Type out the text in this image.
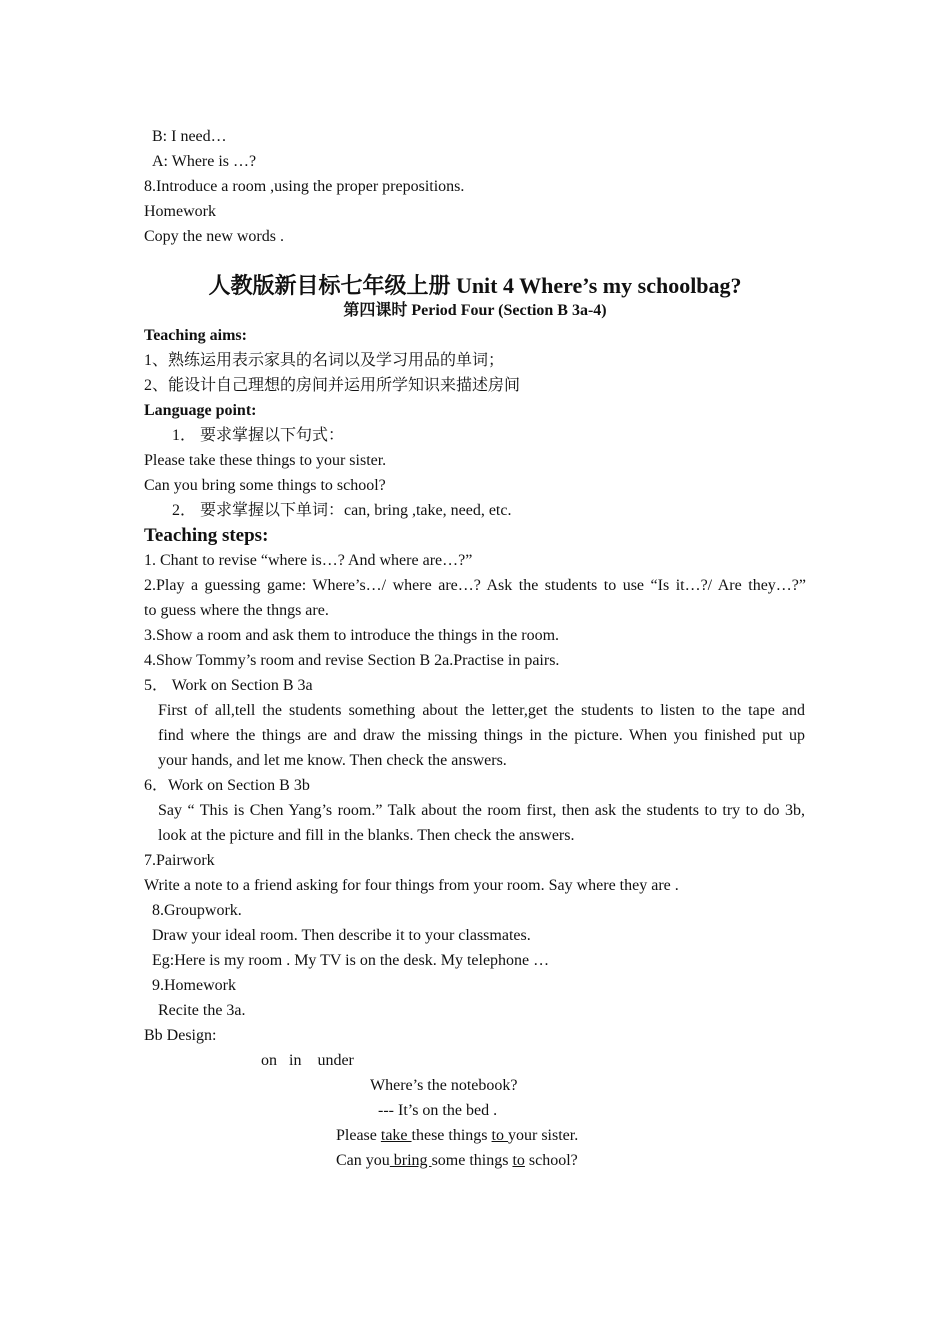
B: I need…
A: Where is …?
8.Introduce a room ,using the proper prepositions.
Homework
Copy the new words .
人教版新目标七年级上册 Unit 4 Where’s my schoolbag?
第四课时 Period Four (Section B 3a-4)
Teaching aims:
1、熟练运用表示家具的名词以及学习用品的单词；
2、能设计自己理想的房间并运用所学知识来描述房间
Language point:
1． 要求掌握以下句式：
Please take these things to your sister.
Can you bring some things to school?
2． 要求掌握以下单词：can, bring ,take, need, etc.
Teaching steps:
1. Chant to revise “where is…? And where are…?”
2.Play a guessing game: Where’s…/ where are…? Ask the students to use “Is it…?/ Are they…?”
to guess where the thngs are.
3.Show a room and ask them to introduce the things in the room.
4.Show Tommy’s room and revise Section B 2a.Practise in pairs.
5． Work on Section B 3a
First of all,tell the students something about the letter,get the students to listen to the tape and
find where the things are and draw the missing things in the picture. When you finished put up
your hands, and let me know. Then check the answers.
6．Work on Section B 3b
Say “ This is Chen Yang’s room.” Talk about the room first, then ask the students to try to do 3b,
look at the picture and fill in the blanks. Then check the answers.
7.Pairwork
Write a note to a friend asking for four things from your room. Say where they are .
8.Groupwork.
Draw your ideal room. Then describe it to your classmates.
Eg:Here is my room . My TV is on the desk. My telephone …
9.Homework
Recite the 3a.
Bb Design:
on   in    under
Where’s the notebook?
--- It’s on the bed .
Please take these things to your sister.
Can you bring some things to school?
